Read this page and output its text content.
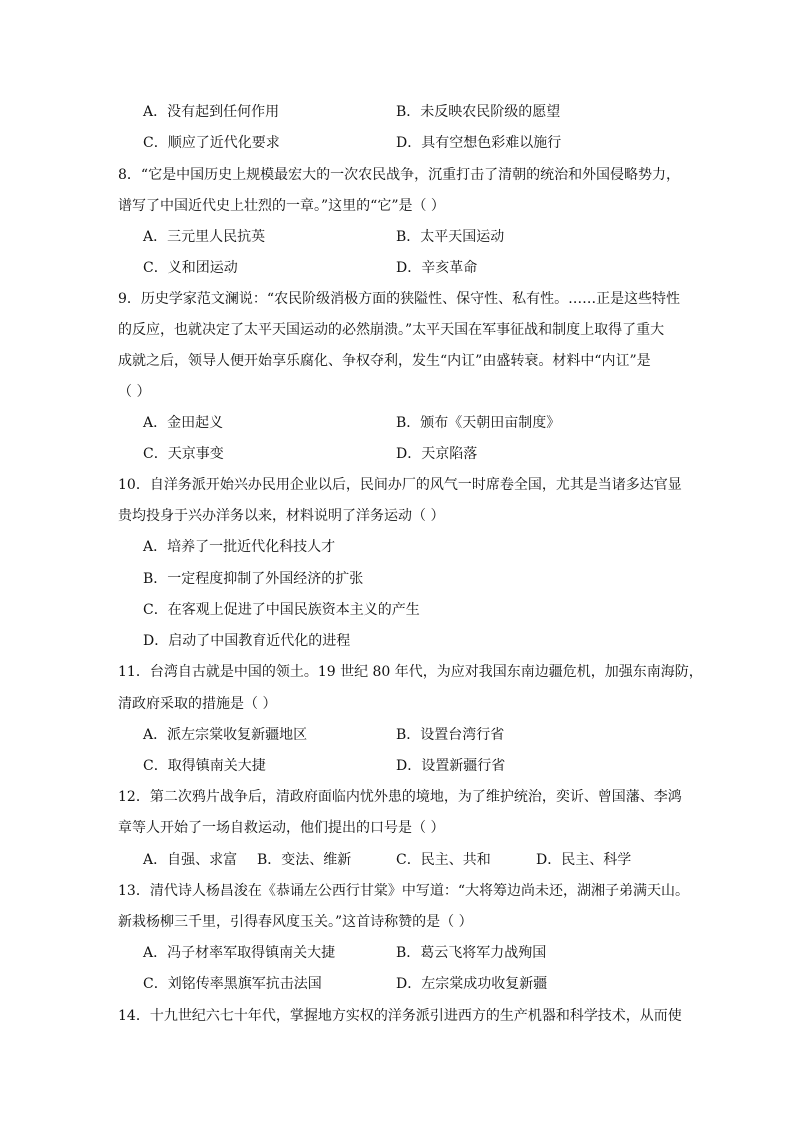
A．没有起到任何作用	B．未反映农民阶级的愿望
C．顺应了近代化要求	D．具有空想色彩难以施行
8．“它是中国历史上规模最宏大的一次农民战争，沉重打击了清朝的统治和外国侵略势力，
谱写了中国近代史上壮烈的一章。”这里的“它”是（ ）
A．三元里人民抗英	B．太平天国运动
C．义和团运动	D．辛亥革命
9．历史学家范文澜说：“农民阶级消极方面的狭隘性、保守性、私有性。……正是这些特性
的反应，也就决定了太平天国运动的必然崩溃。”太平天国在军事征战和制度上取得了重大
成就之后，领导人便开始享乐腐化、争权夺利，发生“内讧”由盛转衰。材料中“内讧”是
（ ）
A．金田起义	B．颁布《天朝田亩制度》
C．天京事变	D．天京陷落
10．自洋务派开始兴办民用企业以后，民间办厂的风气一时席卷全国，尤其是当诸多达官显
贵均投身于兴办洋务以来，材料说明了洋务运动（ ）
A．培养了一批近代化科技人才
B．一定程度抑制了外国经济的扩张
C．在客观上促进了中国民族资本主义的产生
D．启动了中国教育近代化的进程
11．台湾自古就是中国的领土。19 世纪 80 年代，为应对我国东南边疆危机，加强东南海防，
清政府采取的措施是（ ）
A．派左宗棠收复新疆地区	B．设置台湾行省
C．取得镇南关大捷	D．设置新疆行省
12．第二次鸦片战争后，清政府面临内忧外患的境地，为了维护统治，奕䜣、曾国藩、李鸿
章等人开始了一场自救运动，他们提出的口号是（ ）
A．自强、求富 B．变法、维新	C．民主、共和	D．民主、科学
13．清代诗人杨昌浚在《恭诵左公西行甘棠》中写道：“大将筹边尚未还，湖湘子弟满天山。
新栽杨柳三千里，引得春风度玉关。”这首诗称赞的是（ ）
A．冯子材率军取得镇南关大捷	B．葛云飞将军力战殉国
C．刘铭传率黑旗军抗击法国	D．左宗棠成功收复新疆
14．十九世纪六七十年代，掌握地方实权的洋务派引进西方的生产机器和科学技术，从而使
